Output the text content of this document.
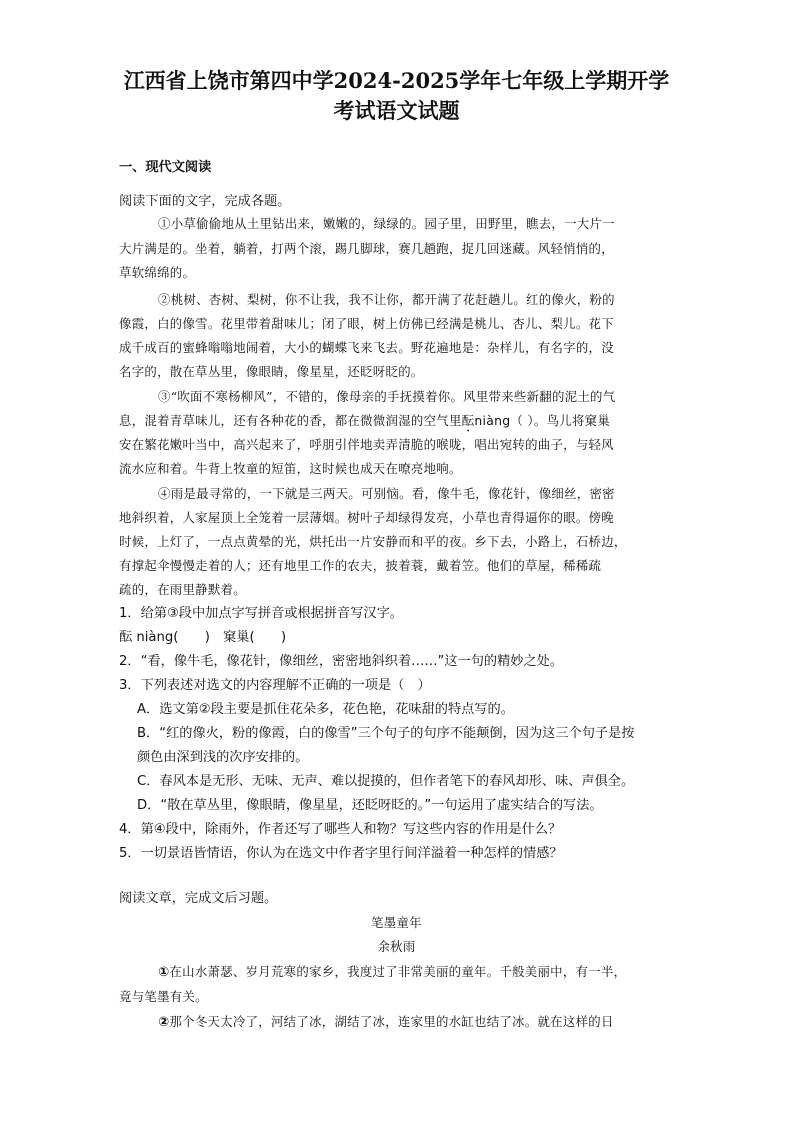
江西省上饶市第四中学2024-2025学年七年级上学期开学
考试语文试题
一、现代文阅读
阅读下面的文字，完成各题。
①小草偷偷地从土里钻出来，嫩嫩的，绿绿的。园子里，田野里，瞧去，一大片一
大片满是的。坐着，躺着，打两个滚，踢几脚球，赛几趟跑，捉几回迷藏。风轻悄悄的，
草软绵绵的。
②桃树、杏树、梨树，你不让我，我不让你，都开满了花赶趟儿。红的像火，粉的
像霞，白的像雪。花里带着甜味儿；闭了眼，树上仿佛已经满是桃儿、杏儿、梨儿。花下
成千成百的蜜蜂嗡嗡地闹着，大小的蝴蝶飞来飞去。野花遍地是：杂样儿，有名字的，没
名字的，散在草丛里，像眼睛，像星星，还眨呀眨的。
③“吹面不寒杨柳风”，不错的，像母亲的手抚摸着你。风里带来些新翻的泥土的气
息，混着青草味儿，还有各种花的香，都在微微润湿的空气里酝niàng（ ）。鸟儿将窠巢
安在繁花嫩叶当中，高兴起来了，呼朋引伴地卖弄清脆的喉咙，唱出宛转的曲子，与轻风
流水应和着。牛背上牧童的短笛，这时候也成天在嘹亮地响。
④雨是最寻常的，一下就是三两天。可别恼。看，像牛毛，像花针，像细丝，密密
地斜织着，人家屋顶上全笼着一层薄烟。树叶子却绿得发亮，小草也青得逼你的眼。傍晚
时候，上灯了，一点点黄晕的光，烘托出一片安静而和平的夜。乡下去，小路上，石桥边，
有撑起伞慢慢走着的人；还有地里工作的农夫，披着蓑，戴着笠。他们的草屋，稀稀疏
疏的，在雨里静默着。
1．给第③段中加点字写拼音或根据拼音写汉字。
酝 niàng(　　)　窠巢(　　)
2．“看，像牛毛，像花针，像细丝，密密地斜织着……”这一句的精妙之处。
3．下列表述对选文的内容理解不正确的一项是（　）
A．选文第②段主要是抓住花朵多，花色艳，花味甜的特点写的。
B．“红的像火，粉的像霞，白的像雪”三个句子的句序不能颠倒，因为这三个句子是按
颜色由深到浅的次序安排的。
C．春风本是无形、无味、无声、难以捉摸的，但作者笔下的春风却形、味、声俱全。
D．“散在草丛里，像眼睛，像星星，还眨呀眨的。”一句运用了虚实结合的写法。
4．第④段中，除雨外，作者还写了哪些人和物？写这些内容的作用是什么？
5．一切景语皆情语，你认为在选文中作者字里行间洋溢着一种怎样的情感？
阅读文章，完成文后习题。
笔墨童年
余秋雨
①在山水萧瑟、岁月荒寒的家乡，我度过了非常美丽的童年。千般美丽中，有一半，
竟与笔墨有关。
②那个冬天太冷了，河结了冰，湖结了冰，连家里的水缸也结了冰。就在这样的日
